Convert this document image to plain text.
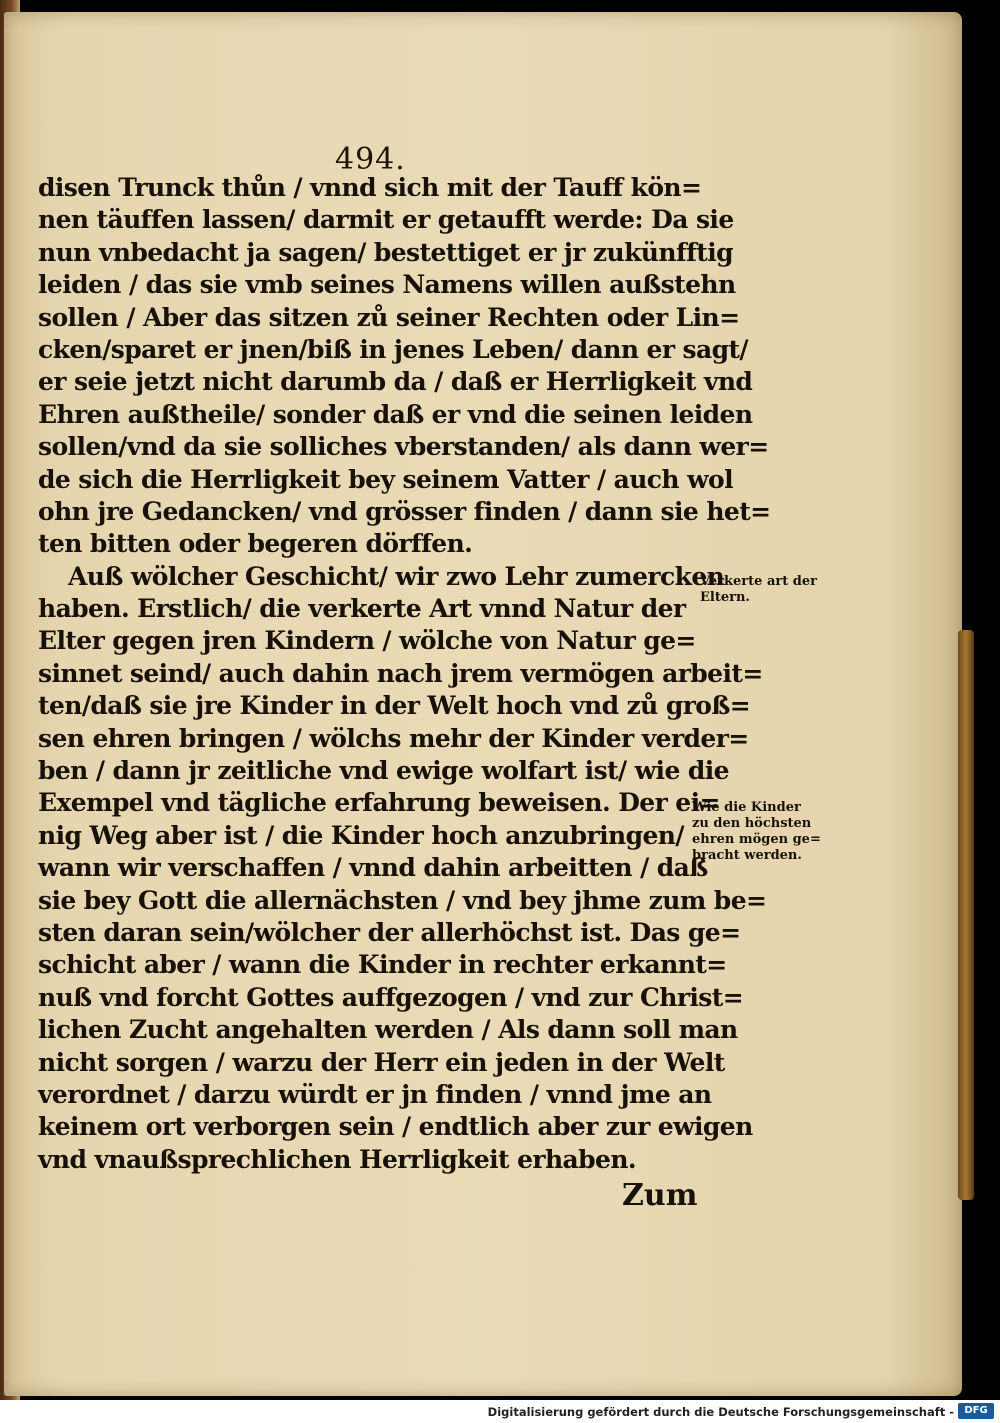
494.
disen Trunck thůn / vnnd sich mit der Tauff kön=
nen täuffen lassen/ darmit er getaufft werde: Da sie
nun vnbedacht ja sagen/ bestettiget er jr zukünfftig
leiden / das sie vmb seines Namens willen außstehn
sollen / Aber das sitzen zů seiner Rechten oder Lin=
cken/sparet er jnen/biß in jenes Leben/ dann er sagt/
er seie jetzt nicht darumb da / daß er Herrligkeit vnd
Ehren außtheile/ sonder daß er vnd die seinen leiden
sollen/vnd da sie solliches vberstanden/ als dann wer=
de sich die Herrligkeit bey seinem Vatter / auch wol
ohn jre Gedancken/ vnd grösser finden / dann sie het=
ten bitten oder begeren dörffen.
Auß wölcher Geschicht/ wir zwo Lehr zumercken
haben. Erstlich/ die verkerte Art vnnd Natur der
Elter gegen jren Kindern / wölche von Natur ge=
sinnet seind/ auch dahin nach jrem vermögen arbeit=
ten/daß sie jre Kinder in der Welt hoch vnd zů groß=
sen ehren bringen / wölchs mehr der Kinder verder=
ben / dann jr zeitliche vnd ewige wolfart ist/ wie die
Exempel vnd tägliche erfahrung beweisen. Der ei=
nig Weg aber ist / die Kinder hoch anzubringen/
wann wir verschaffen / vnnd dahin arbeitten / daß
sie bey Gott die allernächsten / vnd bey jhme zum be=
sten daran sein/wölcher der allerhöchst ist. Das ge=
schicht aber / wann die Kinder in rechter erkannt=
nuß vnd forcht Gottes auffgezogen / vnd zur Christ=
lichen Zucht angehalten werden / Als dann soll man
nicht sorgen / warzu der Herr ein jeden in der Welt
verordnet / darzu würdt er jn finden / vnnd jme an
keinem ort verborgen sein / endtlich aber zur ewigen
vnd vnaußsprechlichen Herrligkeit erhaben.
Verkerte art der
Eltern.
Wie die Kinder
zu den höchsten
ehren mögen ge=
bracht werden.
Zum
Digitalisierung gefördert durch die Deutsche Forschungsgemeinschaft -	DFG
